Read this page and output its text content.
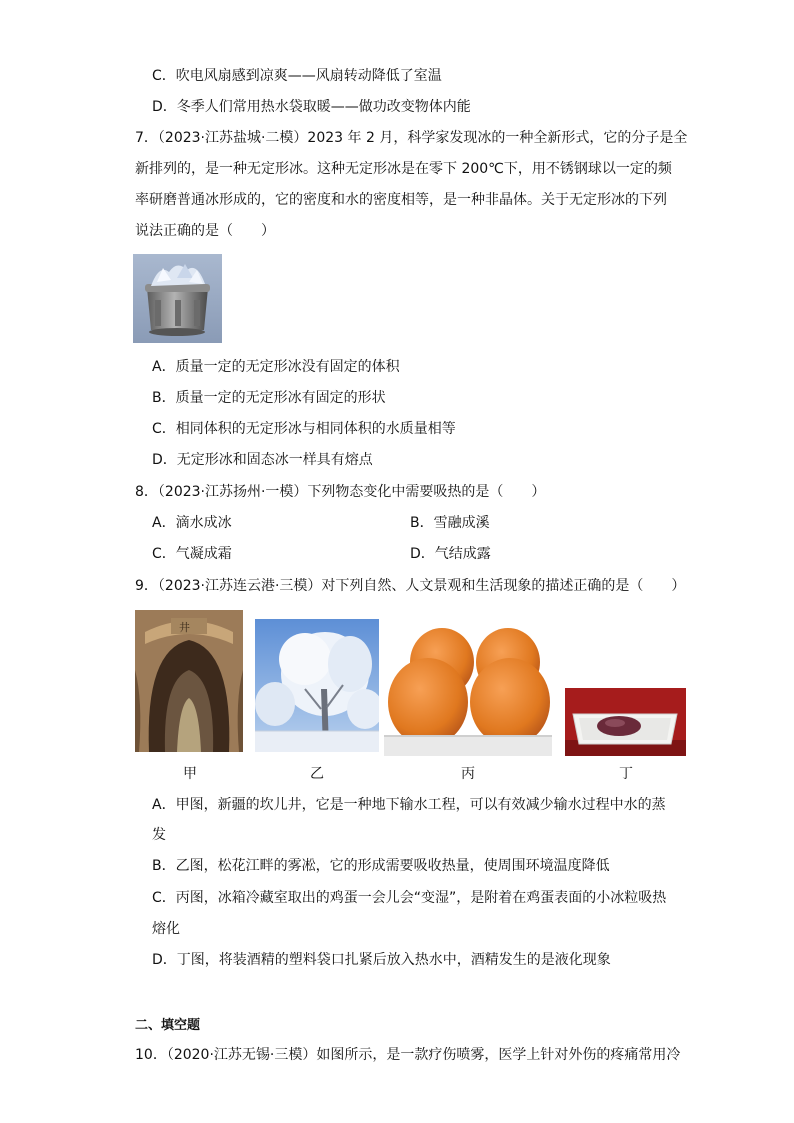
C．吹电风扇感到凉爽——风扇转动降低了室温
D．冬季人们常用热水袋取暖——做功改变物体内能
7．（2023·江苏盐城·二模）2023 年 2 月，科学家发现冰的一种全新形式，它的分子是全
新排列的，是一种无定形冰。这种无定形冰是在零下 200℃下，用不锈钢球以一定的频
率研磨普通冰形成的，它的密度和水的密度相等，是一种非晶体。关于无定形冰的下列
说法正确的是（　　）
A．质量一定的无定形冰没有固定的体积
B．质量一定的无定形冰有固定的形状
C．相同体积的无定形冰与相同体积的水质量相等
D．无定形冰和固态冰一样具有熔点
8．（2023·江苏扬州·一模）下列物态变化中需要吸热的是（　　）
A．滴水成冰	B．雪融成溪
C．气凝成霜	D．气结成露
9．（2023·江苏连云港·三模）对下列自然、人文景观和生活现象的描述正确的是（　　）
井
甲	乙	丙	丁
A．甲图，新疆的坎儿井，它是一种地下输水工程，可以有效减少输水过程中水的蒸
发
B．乙图，松花江畔的雾凇，它的形成需要吸收热量，使周围环境温度降低
C．丙图，冰箱冷藏室取出的鸡蛋一会儿会“变湿”，是附着在鸡蛋表面的小冰粒吸热
熔化
D．丁图，将装酒精的塑料袋口扎紧后放入热水中，酒精发生的是液化现象
二、填空题
10．（2020·江苏无锡·三模）如图所示，是一款疗伤喷雾，医学上针对外伤的疼痛常用冷
